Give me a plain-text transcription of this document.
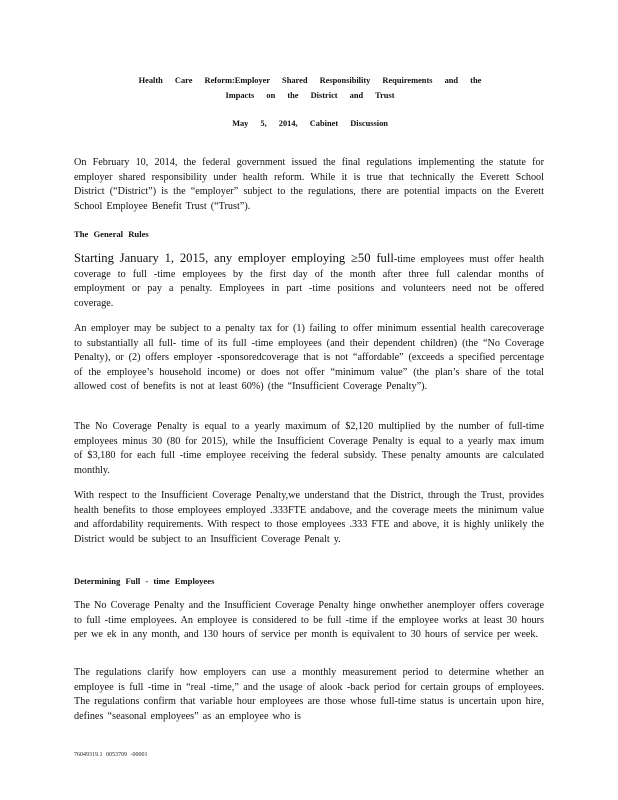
Health Care Reform:Employer Shared Responsibility Requirements and the
Impacts on the District and Trust
May 5, 2014, Cabinet Discussion

On February 10, 2014, the federal government issued the final regulations implementing the statute for employer shared responsibility under health reform. While it is true that technically the Everett School District (“District”) is the “employer” subject to the regulations, there are potential impacts on the Everett School Employee Benefit Trust (“Trust”).

The General Rules

Starting January 1, 2015, any employer employing ≥50 full-time employees must offer health coverage to full -time employees by the first day of the month after three full calendar months of employment or pay a penalty. Employees in part -time positions and volunteers need not be offered coverage.

An employer may be subject to a penalty tax for (1) failing to offer minimum essential health carecoverage to substantially all full- time of its full -time employees (and their dependent children) (the “No Coverage Penalty), or (2) offers employer -sponsoredcoverage that is not “affordable” (exceeds a specified percentage of the employee’s household income) or does not offer “minimum value” (the plan’s share of the total allowed cost of benefits is not at least 60%) (the “Insufficient Coverage Penalty”).

The No Coverage Penalty is equal to a yearly maximum of $2,120 multiplied by the number of full-time employees minus 30 (80 for 2015), while the Insufficient Coverage Penalty is equal to a yearly max imum of $3,180 for each full -time employee receiving the federal subsidy. These penalty amounts are calculated monthly.

With respect to the Insufficient Coverage Penalty,we understand that the District, through the Trust, provides health benefits to those employees employed .333FTE andabove, and the coverage meets the minimum value and affordability requirements. With respect to those employees .333 FTE and above, it is highly unlikely the District would be subject to an Insufficient Coverage Penalt y.

Determining Full - time Employees

The No Coverage Penalty and the Insufficient Coverage Penalty hinge onwhether anemployer offers coverage to full -time employees. An employee is considered to be full -time if the employee works at least 30 hours per we ek in any month, and 130 hours of service per month is equivalent to 30 hours of service per week.

The regulations clarify how employers can use a monthly measurement period to determine whether an employee is full -time in “real -time,” and the usage of alook -back period for certain groups of employees. The regulations confirm that variable hour employees are those whose full-time status is uncertain upon hire, defines “seasonal employees” as an employee who is

76049319.1 0053709 -00001
